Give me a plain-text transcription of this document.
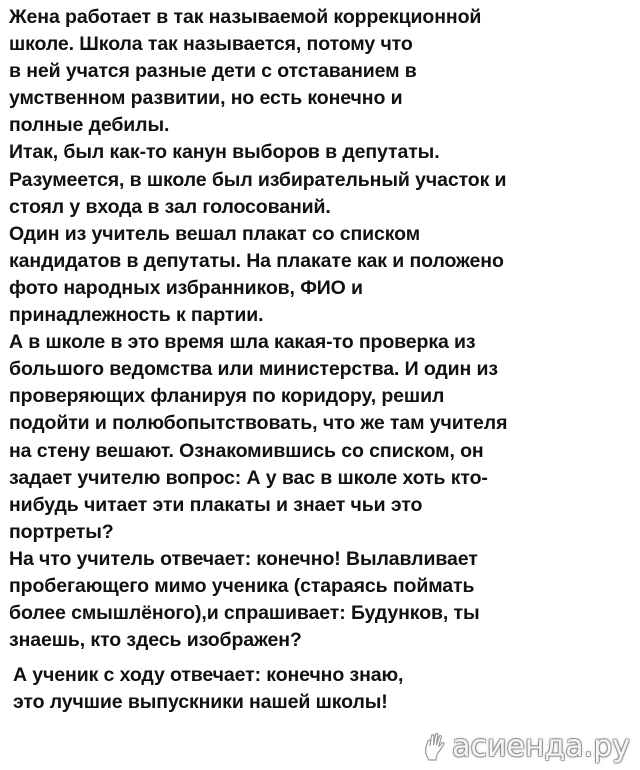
Жена работает в так называемой коррекционной
школе. Школа так называется, потому что
в ней учатся разные дети с отставанием в
умственном развитии, но есть конечно и
полные дебилы.
Итак, был как-то канун выборов в депутаты.
Разумеется, в школе был избирательный участок и
стоял у входа в зал голосований.
Один из учитель вешал плакат со списком
кандидатов в депутаты. На плакате как и положено
фото народных избранников, ФИО и
принадлежность к партии.
А в школе в это время шла какая-то проверка из
большого ведомства или министерства. И один из
проверяющих фланируя по коридору, решил
подойти и полюбопытствовать, что же там учителя
на стену вешают. Ознакомившись со списком, он
задает учителю вопрос: А у вас в школе хоть кто-
нибудь читает эти плакаты и знает чьи это
портреты?
На что учитель отвечает: конечно! Вылавливает
пробегающего мимо ученика (стараясь поймать
более смышлёного),и спрашивает: Будунков, ты
знаешь, кто здесь изображен?
А ученик с ходу отвечает: конечно знаю,
это лучшие выпускники нашей школы!
асиенда.ру
